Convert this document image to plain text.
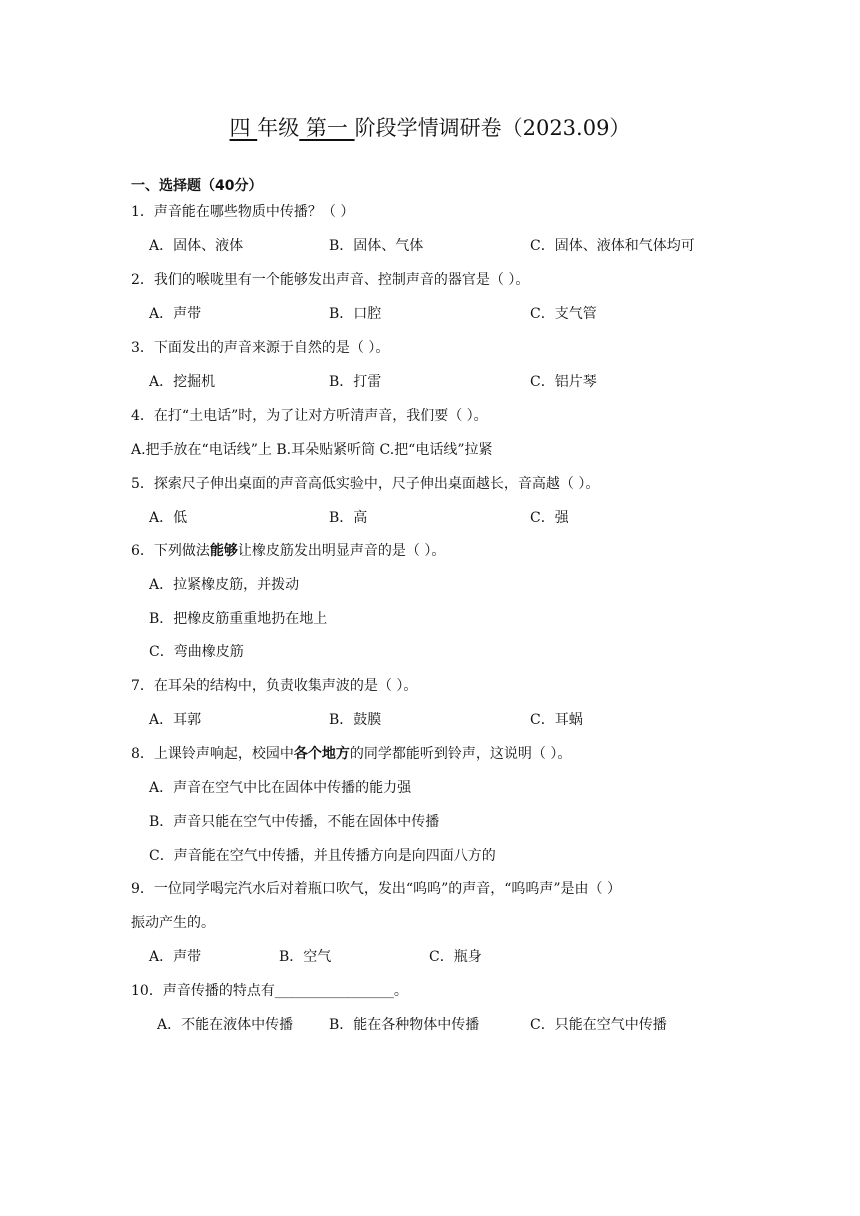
四 年级 第一 阶段学情调研卷（2023.09）
一、选择题（40分）
1．声音能在哪些物质中传播？（ ）
A．固体、液体	B．固体、气体	C．固体、液体和气体均可
2．我们的喉咙里有一个能够发出声音、控制声音的器官是（ ）。
A．声带	B．口腔	C．支气管
3．下面发出的声音来源于自然的是（ ）。
A．挖掘机	B．打雷	C．铝片琴
4．在打“土电话”时，为了让对方听清声音，我们要（ ）。
A.把手放在“电话线”上 B.耳朵贴紧听筒 C.把“电话线”拉紧
5．探索尺子伸出桌面的声音高低实验中，尺子伸出桌面越长，音高越（ ）。
A．低	B．高	C．强
6．下列做法能够让橡皮筋发出明显声音的是（ ）。
A．拉紧橡皮筋，并拨动
B．把橡皮筋重重地扔在地上
C．弯曲橡皮筋
7．在耳朵的结构中，负责收集声波的是（ ）。
A．耳郭	B．鼓膜	C．耳蜗
8．上课铃声响起，校园中各个地方的同学都能听到铃声，这说明（ ）。
A．声音在空气中比在固体中传播的能力强
B．声音只能在空气中传播，不能在固体中传播
C．声音能在空气中传播，并且传播方向是向四面八方的
9．一位同学喝完汽水后对着瓶口吹气，发出“呜呜”的声音，“呜呜声”是由（ ）
振动产生的。
A．声带	B．空气	C．瓶身
10．声音传播的特点有_________________。
A．不能在液体中传播	B．能在各种物体中传播	C．只能在空气中传播
